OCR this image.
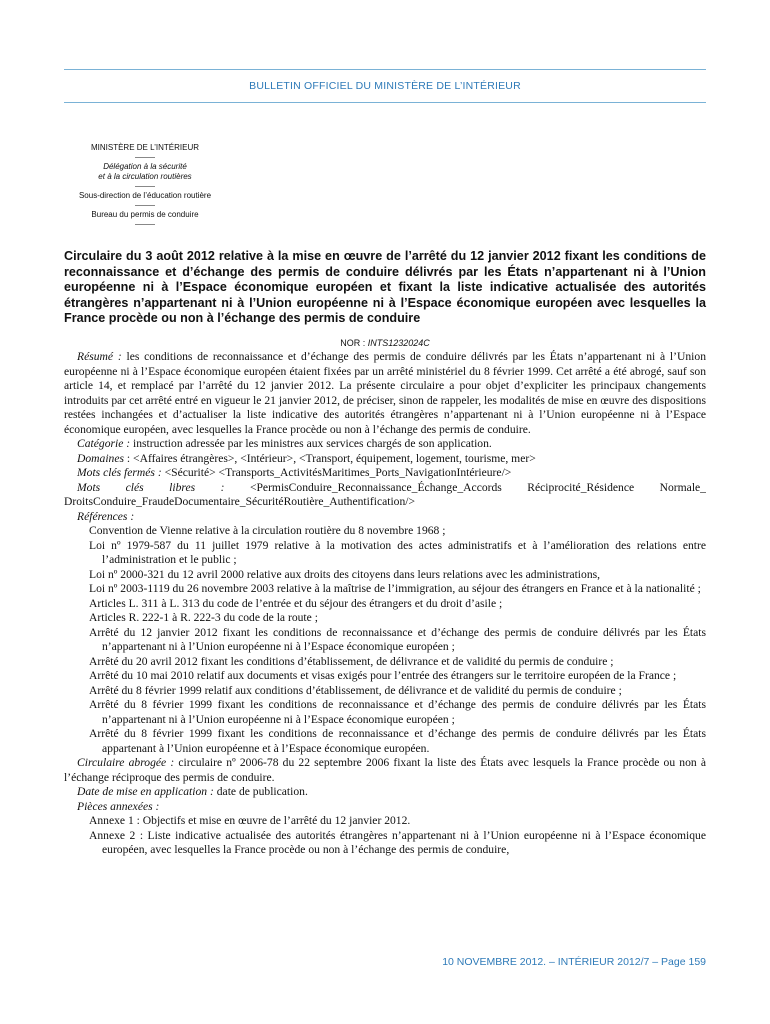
BULLETIN OFFICIEL DU MINISTÈRE DE L’INTÉRIEUR
MINISTÈRE DE L’INTÉRIEUR
Délégation à la sécurité
et à la circulation routières
Sous-direction de l’éducation routière
Bureau du permis de conduire
Circulaire du 3 août 2012 relative à la mise en œuvre de l’arrêté du 12 janvier 2012 fixant les conditions de reconnaissance et d’échange des permis de conduire délivrés par les États n’appartenant ni à l’Union européenne ni à l’Espace économique européen et fixant la liste indicative actualisée des autorités étrangères n’appartenant ni à l’Union européenne ni à l’Espace économique européen avec lesquelles la France procède ou non à l’échange des permis de conduire
NOR : INTS1232024C

Résumé : les conditions de reconnaissance et d’échange des permis de conduire délivrés par les États n’appartenant ni à l’Union européenne ni à l’Espace économique européen étaient fixées par un arrêté ministériel du 8 février 1999. Cet arrêté a été abrogé, sauf son article 14, et remplacé par l’arrêté du 12 janvier 2012. La présente circulaire a pour objet d’expliciter les principaux changements introduits par cet arrêté entré en vigueur le 21 janvier 2012, de préciser, sinon de rappeler, les modalités de mise en œuvre des dispositions restées inchangées et d’actualiser la liste indicative des autorités étrangères n’appartenant ni à l’Union européenne ni à l’Espace économique européen, avec lesquelles la France procède ou non à l’échange des permis de conduire.

Catégorie : instruction adressée par les ministres aux services chargés de son application.

Domaines : <Affaires étrangères>, <Intérieur>, <Transport, équipement, logement, tourisme, mer>

Mots clés fermés : <Sécurité> <Transports_ActivitésMaritimes_Ports_NavigationIntérieure/>

Mots clés libres : <PermisConduire_Reconnaissance_Échange_Accords Réciprocité_Résidence Normale_ DroitsConduire_FraudeDocumentaire_SécuritéRoutière_Authentification/>

Références :

Convention de Vienne relative à la circulation routière du 8 novembre 1968 ;

Loi nº 1979-587 du 11 juillet 1979 relative à la motivation des actes administratifs et à l’amélioration des relations entre l’administration et le public ;

Loi nº 2000-321 du 12 avril 2000 relative aux droits des citoyens dans leurs relations avec les administrations,

Loi nº 2003-1119 du 26 novembre 2003 relative à la maîtrise de l’immigration, au séjour des étrangers en France et à la nationalité ;

Articles L. 311 à L. 313 du code de l’entrée et du séjour des étrangers et du droit d’asile ;

Articles R. 222-1 à R. 222-3 du code de la route ;

Arrêté du 12 janvier 2012 fixant les conditions de reconnaissance et d’échange des permis de conduire délivrés par les États n’appartenant ni à l’Union européenne ni à l’Espace économique européen ;

Arrêté du 20 avril 2012 fixant les conditions d’établissement, de délivrance et de validité du permis de conduire ;

Arrêté du 10 mai 2010 relatif aux documents et visas exigés pour l’entrée des étrangers sur le territoire européen de la France ;

Arrêté du 8 février 1999 relatif aux conditions d’établissement, de délivrance et de validité du permis de conduire ;

Arrêté du 8 février 1999 fixant les conditions de reconnaissance et d’échange des permis de conduire délivrés par les États n’appartenant ni à l’Union européenne ni à l’Espace économique européen ;

Arrêté du 8 février 1999 fixant les conditions de reconnaissance et d’échange des permis de conduire délivrés par les États appartenant à l’Union européenne et à l’Espace économique européen.

Circulaire abrogée : circulaire nº 2006-78 du 22 septembre 2006 fixant la liste des États avec lesquels la France procède ou non à l’échange réciproque des permis de conduire.

Date de mise en application : date de publication.

Pièces annexées :

Annexe 1 : Objectifs et mise en œuvre de l’arrêté du 12 janvier 2012.

Annexe 2 : Liste indicative actualisée des autorités étrangères n’appartenant ni à l’Union européenne ni à l’Espace économique européen, avec lesquelles la France procède ou non à l’échange des permis de conduire,

10 NOVEMBRE 2012. – INTÉRIEUR 2012/7 – Page 159
